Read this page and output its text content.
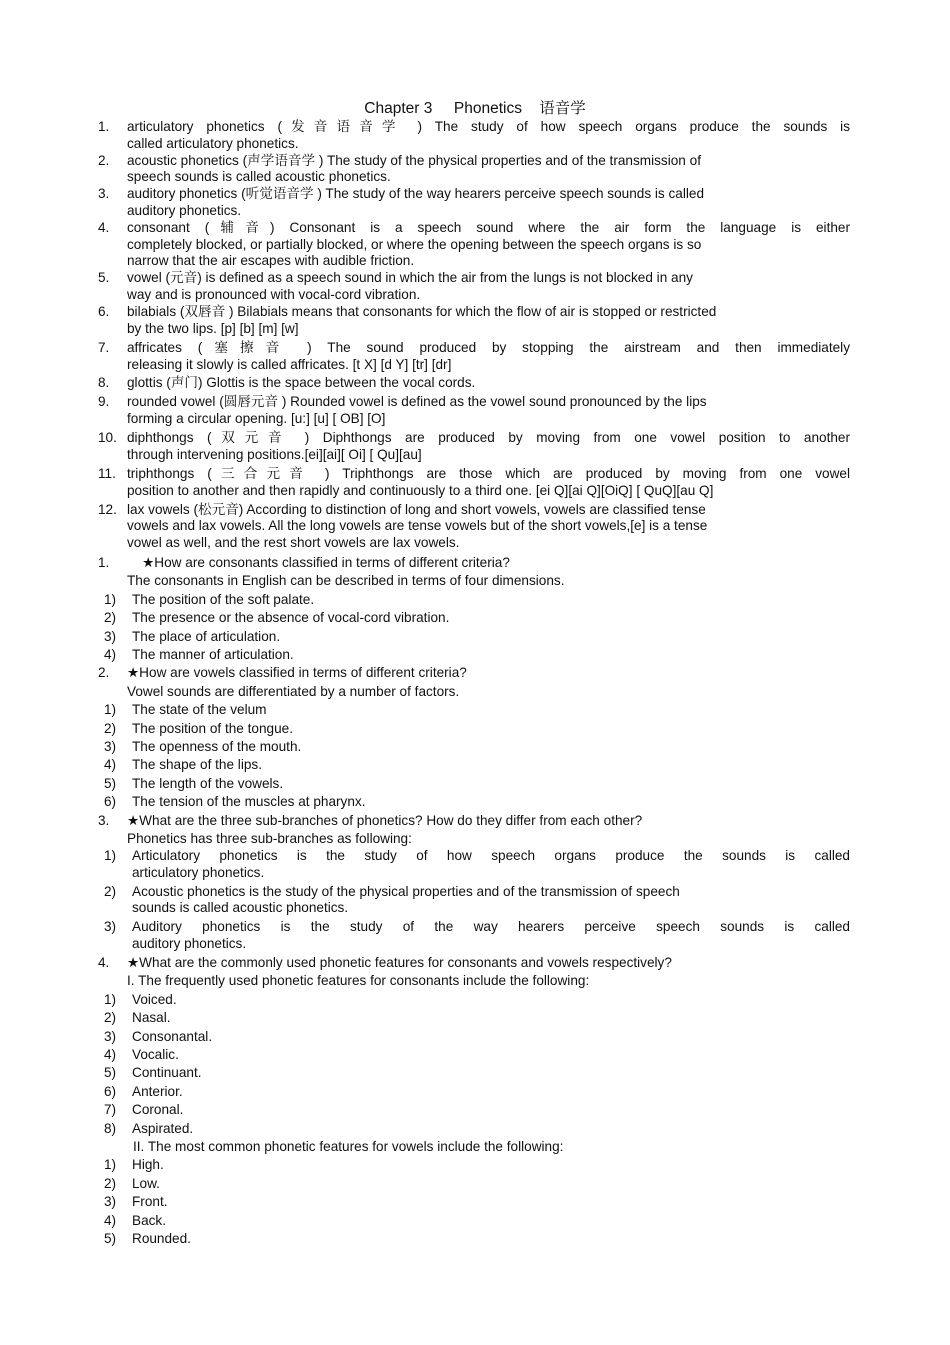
Chapter 3     Phonetics    语音学
1. articulatory phonetics (发音语音学 ) The study of how speech organs produce the sounds is
called articulatory phonetics.
2. acoustic phonetics (声学语音学 ) The study of the physical properties and of the transmission of
speech sounds is called acoustic phonetics.
3. auditory phonetics (听觉语音学 ) The study of the way hearers perceive speech sounds is called
auditory phonetics.
4. consonant (辅音) Consonant is a speech sound where the air form the language is either
completely blocked, or partially blocked, or where the opening between the speech organs is so
narrow that the air escapes with audible friction.
5. vowel (元音) is defined as a speech sound in which the air from the lungs is not blocked in any
way and is pronounced with vocal-cord vibration.
6. bilabials (双唇音 ) Bilabials means that consonants for which the flow of air is stopped or restricted
by the two lips. [p] [b] [m] [w]
7. affricates (塞擦音 ) The sound produced by stopping the airstream and then immediately
releasing it slowly is called affricates. [t X] [d Y] [tr] [dr]
8. glottis (声门) Glottis is the space between the vocal cords.
9. rounded vowel (圆唇元音 ) Rounded vowel is defined as the vowel sound pronounced by the lips
forming a circular opening. [u:] [u] [ OB] [O]
10. diphthongs (双元音 ) Diphthongs are produced by moving from one vowel position to another
through intervening positions.[ei][ai][ Oi] [ Qu][au]
11. triphthongs (三合元音 ) Triphthongs are those which are produced by moving from one vowel
position to another and then rapidly and continuously to a third one. [ei Q][ai Q][OiQ] [ QuQ][au Q]
12. lax vowels (松元音) According to distinction of long and short vowels, vowels are classified tense
vowels and lax vowels. All the long vowels are tense vowels but of the short vowels,[e] is a tense
vowel as well, and the rest short vowels are lax vowels.
1. ★How are consonants classified in terms of different criteria?
The consonants in English can be described in terms of four dimensions.
1) The position of the soft palate.
2) The presence or the absence of vocal-cord vibration.
3) The place of articulation.
4) The manner of articulation.
2. ★How are vowels classified in terms of different criteria?
Vowel sounds are differentiated by a number of factors.
1) The state of the velum
2) The position of the tongue.
3) The openness of the mouth.
4) The shape of the lips.
5) The length of the vowels.
6) The tension of the muscles at pharynx.
3. ★What are the three sub-branches of phonetics? How do they differ from each other?
Phonetics has three sub-branches as following:
1) Articulatory phonetics is the study of how speech organs produce the sounds is called
articulatory phonetics.
2) Acoustic phonetics is the study of the physical properties and of the transmission of speech
sounds is called acoustic phonetics.
3) Auditory phonetics is the study of the way hearers perceive speech sounds is called
auditory phonetics.
4. ★What are the commonly used phonetic features for consonants and vowels respectively?
I. The frequently used phonetic features for consonants include the following:
1) Voiced.
2) Nasal.
3) Consonantal.
4) Vocalic.
5) Continuant.
6) Anterior.
7) Coronal.
8) Aspirated.
II. The most common phonetic features for vowels include the following:
1) High.
2) Low.
3) Front.
4) Back.
5) Rounded.
